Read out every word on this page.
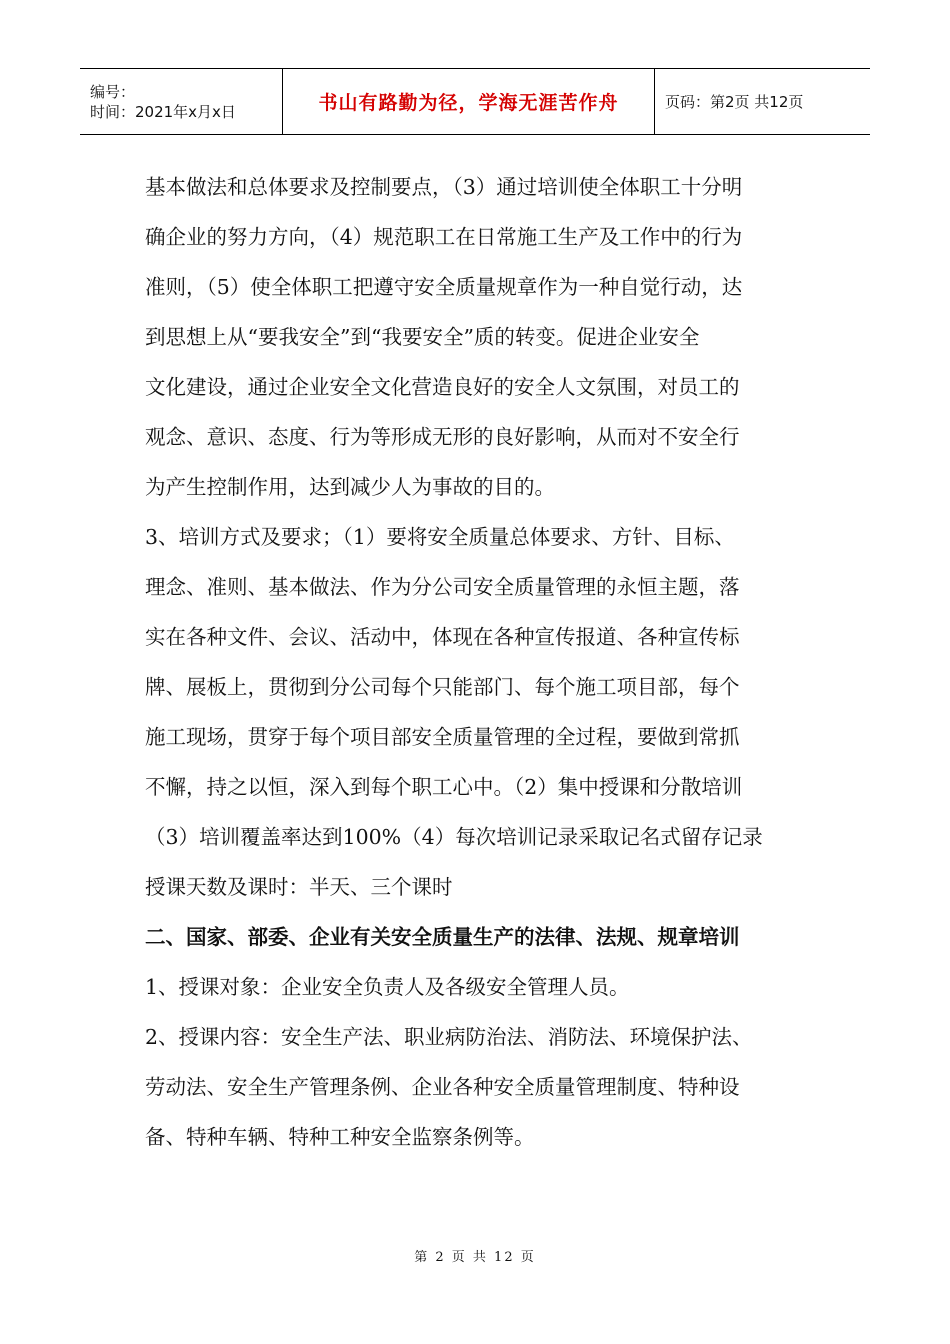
编号：
时间：2021年x月x日	书山有路勤为径，学海无涯苦作舟	页码：第2页 共12页
基本做法和总体要求及控制要点，（3）通过培训使全体职工十分明
确企业的努力方向，（4）规范职工在日常施工生产及工作中的行为
准则，（5）使全体职工把遵守安全质量规章作为一种自觉行动，达
到思想上从“要我安全”到“我要安全”质的转变。促进企业安全
文化建设，通过企业安全文化营造良好的安全人文氛围，对员工的
观念、意识、态度、行为等形成无形的良好影响，从而对不安全行
为产生控制作用，达到减少人为事故的目的。
3、培训方式及要求；（1）要将安全质量总体要求、方针、目标、
理念、准则、基本做法、作为分公司安全质量管理的永恒主题，落
实在各种文件、会议、活动中，体现在各种宣传报道、各种宣传标
牌、展板上，贯彻到分公司每个只能部门、每个施工项目部，每个
施工现场，贯穿于每个项目部安全质量管理的全过程，要做到常抓
不懈，持之以恒，深入到每个职工心中。（2）集中授课和分散培训
（3）培训覆盖率达到100%（4）每次培训记录采取记名式留存记录
授课天数及课时：半天、三个课时
二、国家、部委、企业有关安全质量生产的法律、法规、规章培训
1、授课对象：企业安全负责人及各级安全管理人员。
2、授课内容：安全生产法、职业病防治法、消防法、环境保护法、
劳动法、安全生产管理条例、企业各种安全质量管理制度、特种设
备、特种车辆、特种工种安全监察条例等。
第 2 页 共 12 页
